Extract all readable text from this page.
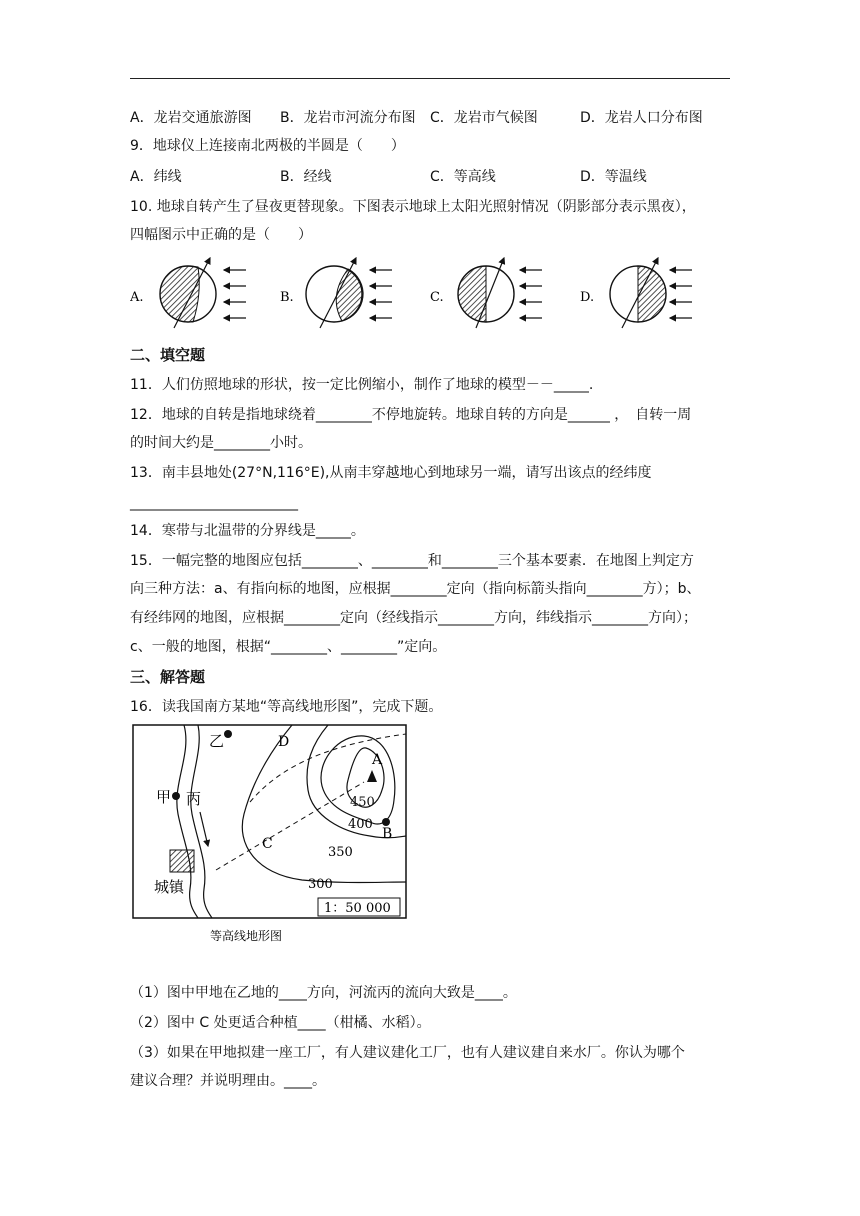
A．龙岩交通旅游图 B．龙岩市河流分布图 C．龙岩市气候图	D．龙岩人口分布图
9．地球仪上连接南北两极的半圆是（　　）
A．纬线	B．经线	C．等高线	D．等温线
10. 地球自转产生了昼夜更替现象。下图表示地球上太阳光照射情况（阴影部分表示黑夜），
四幅图示中正确的是（　　）
A.	B.	C.	D.
二、填空题
11．人们仿照地球的形状，按一定比例缩小，制作了地球的模型－－_____.
12．地球的自转是指地球绕着________不停地旋转。地球自转的方向是______ ，　自转一周
的时间大约是________小时。
13．南丰县地处(27°N,116°E),从南丰穿越地心到地球另一端，请写出该点的经纬度
________________________
14．寒带与北温带的分界线是_____。
15．一幅完整的地图应包括________、________和________三个基本要素．在地图上判定方
向三种方法：a、有指向标的地图，应根据________定向（指向标箭头指向________方）；b、
有经纬网的地图，应根据________定向（经线指示________方向，纬线指示________方向）；
c、一般的地图，根据“________、________”定向。
三、解答题
16．读我国南方某地“等高线地形图”，完成下题。
乙
甲 丙
城镇
D
C
A
B
450
400
350
300
1：50 000
等高线地形图
（1）图中甲地在乙地的____方向，河流丙的流向大致是____。
（2）图中 C 处更适合种植____（柑橘、水稻）。
（3）如果在甲地拟建一座工厂，有人建议建化工厂，也有人建议建自来水厂。你认为哪个
建议合理？并说明理由。____。
